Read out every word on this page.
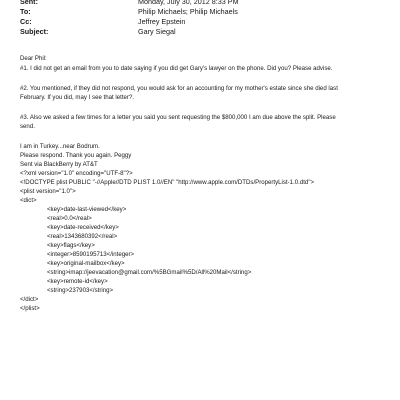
Sent:	Monday, July 30, 2012 8:33 PM
To:	Philip Michaels; Philip Michaels
Cc:	Jeffrey Epstein
Subject:	Gary Siegal
Dear Phil:
#1. I did not get an email from you to date saying if you did get Gary's lawyer on the phone. Did you? Please advise.
#2. You mentioned, if they did not respond, you would ask for an accounting for my mother's estate since she died last
February. If you did, may I see that letter?.
#3. Also we asked a few times for a letter you said you sent requesting the $800,000 I am due above the split. Please
send.
I am in Turkey...near Bodrum.
Please respond. Thank you again. Peggy
Sent via BlackBerry by AT&T
<?xml version="1.0" encoding="UTF-8"?>
<!DOCTYPE plist PUBLIC "-//Apple//DTD PLIST 1.0//EN" "http://www.apple.com/DTDs/PropertyList-1.0.dtd">
<plist version="1.0">
<dict>
<key>date-last-viewed</key>
<real>0.0</real>
<key>date-received</key>
<real>1343680392</real>
<key>flags</key>
<integer>8590195713</integer>
<key>original-mailbox</key>
<string>imap://jeevacation@gmail.com/%5BGmail%5D/All%20Mail</string>
<key>remote-id</key>
<string>237903</string>
</dict>
</plist>
